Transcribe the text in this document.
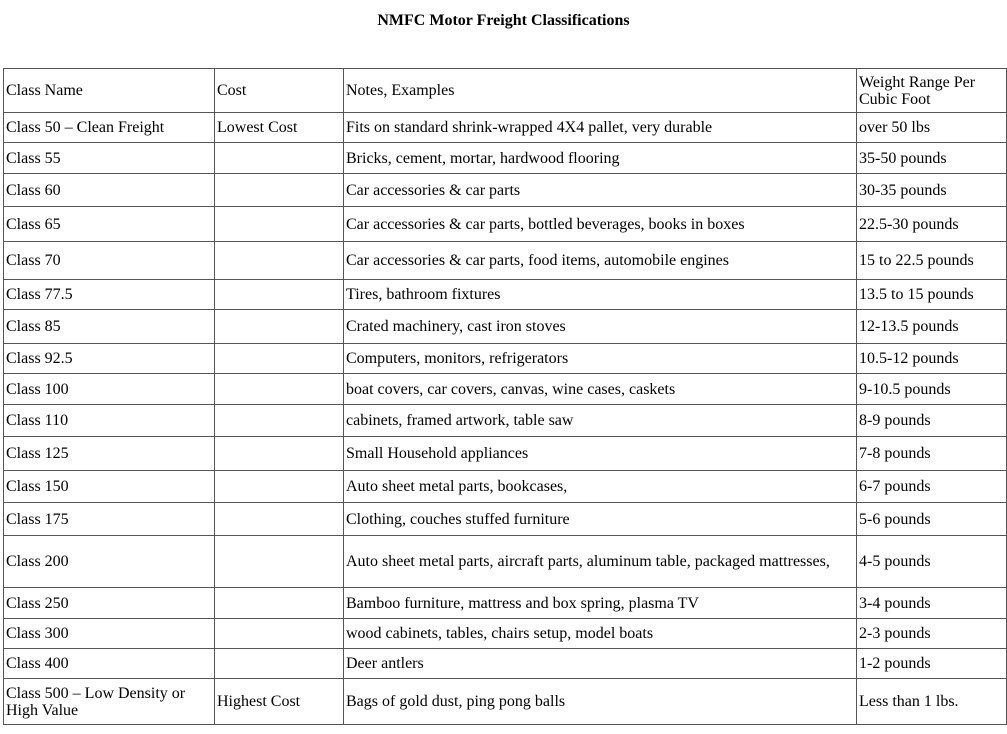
NMFC Motor Freight Classifications
Class Name	Cost	Notes, Examples	Weight Range Per Cubic Foot
Class 50 – Clean Freight	Lowest Cost	Fits on standard shrink-wrapped 4X4 pallet, very durable	over 50 lbs
Class 55		Bricks, cement, mortar, hardwood flooring	35-50 pounds
Class 60		Car accessories & car parts	30-35 pounds
Class 65		Car accessories & car parts, bottled beverages, books in boxes	22.5-30 pounds
Class 70		Car accessories & car parts, food items, automobile engines	15 to 22.5 pounds
Class 77.5		Tires, bathroom fixtures	13.5 to 15 pounds
Class 85		Crated machinery, cast iron stoves	12-13.5 pounds
Class 92.5		Computers, monitors, refrigerators	10.5-12 pounds
Class 100		boat covers, car covers, canvas, wine cases, caskets	9-10.5 pounds
Class 110		cabinets, framed artwork, table saw	8-9 pounds
Class 125		Small Household appliances	7-8 pounds
Class 150		Auto sheet metal parts, bookcases,	6-7 pounds
Class 175		Clothing, couches stuffed furniture	5-6 pounds
Class 200		Auto sheet metal parts, aircraft parts, aluminum table, packaged mattresses,	4-5 pounds
Class 250		Bamboo furniture, mattress and box spring, plasma TV	3-4 pounds
Class 300		wood cabinets, tables, chairs setup, model boats	2-3 pounds
Class 400		Deer antlers	1-2 pounds
Class 500 – Low Density or High Value	Highest Cost	Bags of gold dust, ping pong balls	Less than 1 lbs.
